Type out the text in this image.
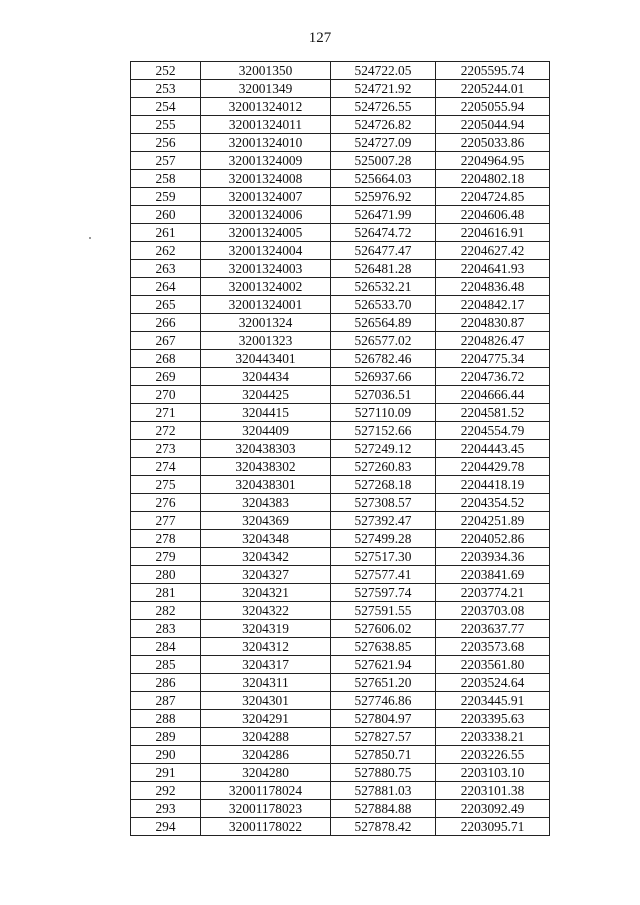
127
252	32001350	524722.05	2205595.74
253	32001349	524721.92	2205244.01
254	32001324012	524726.55	2205055.94
255	32001324011	524726.82	2205044.94
256	32001324010	524727.09	2205033.86
257	32001324009	525007.28	2204964.95
258	32001324008	525664.03	2204802.18
259	32001324007	525976.92	2204724.85
260	32001324006	526471.99	2204606.48
261	32001324005	526474.72	2204616.91
262	32001324004	526477.47	2204627.42
263	32001324003	526481.28	2204641.93
264	32001324002	526532.21	2204836.48
265	32001324001	526533.70	2204842.17
266	32001324	526564.89	2204830.87
267	32001323	526577.02	2204826.47
268	320443401	526782.46	2204775.34
269	3204434	526937.66	2204736.72
270	3204425	527036.51	2204666.44
271	3204415	527110.09	2204581.52
272	3204409	527152.66	2204554.79
273	320438303	527249.12	2204443.45
274	320438302	527260.83	2204429.78
275	320438301	527268.18	2204418.19
276	3204383	527308.57	2204354.52
277	3204369	527392.47	2204251.89
278	3204348	527499.28	2204052.86
279	3204342	527517.30	2203934.36
280	3204327	527577.41	2203841.69
281	3204321	527597.74	2203774.21
282	3204322	527591.55	2203703.08
283	3204319	527606.02	2203637.77
284	3204312	527638.85	2203573.68
285	3204317	527621.94	2203561.80
286	3204311	527651.20	2203524.64
287	3204301	527746.86	2203445.91
288	3204291	527804.97	2203395.63
289	3204288	527827.57	2203338.21
290	3204286	527850.71	2203226.55
291	3204280	527880.75	2203103.10
292	32001178024	527881.03	2203101.38
293	32001178023	527884.88	2203092.49
294	32001178022	527878.42	2203095.71
